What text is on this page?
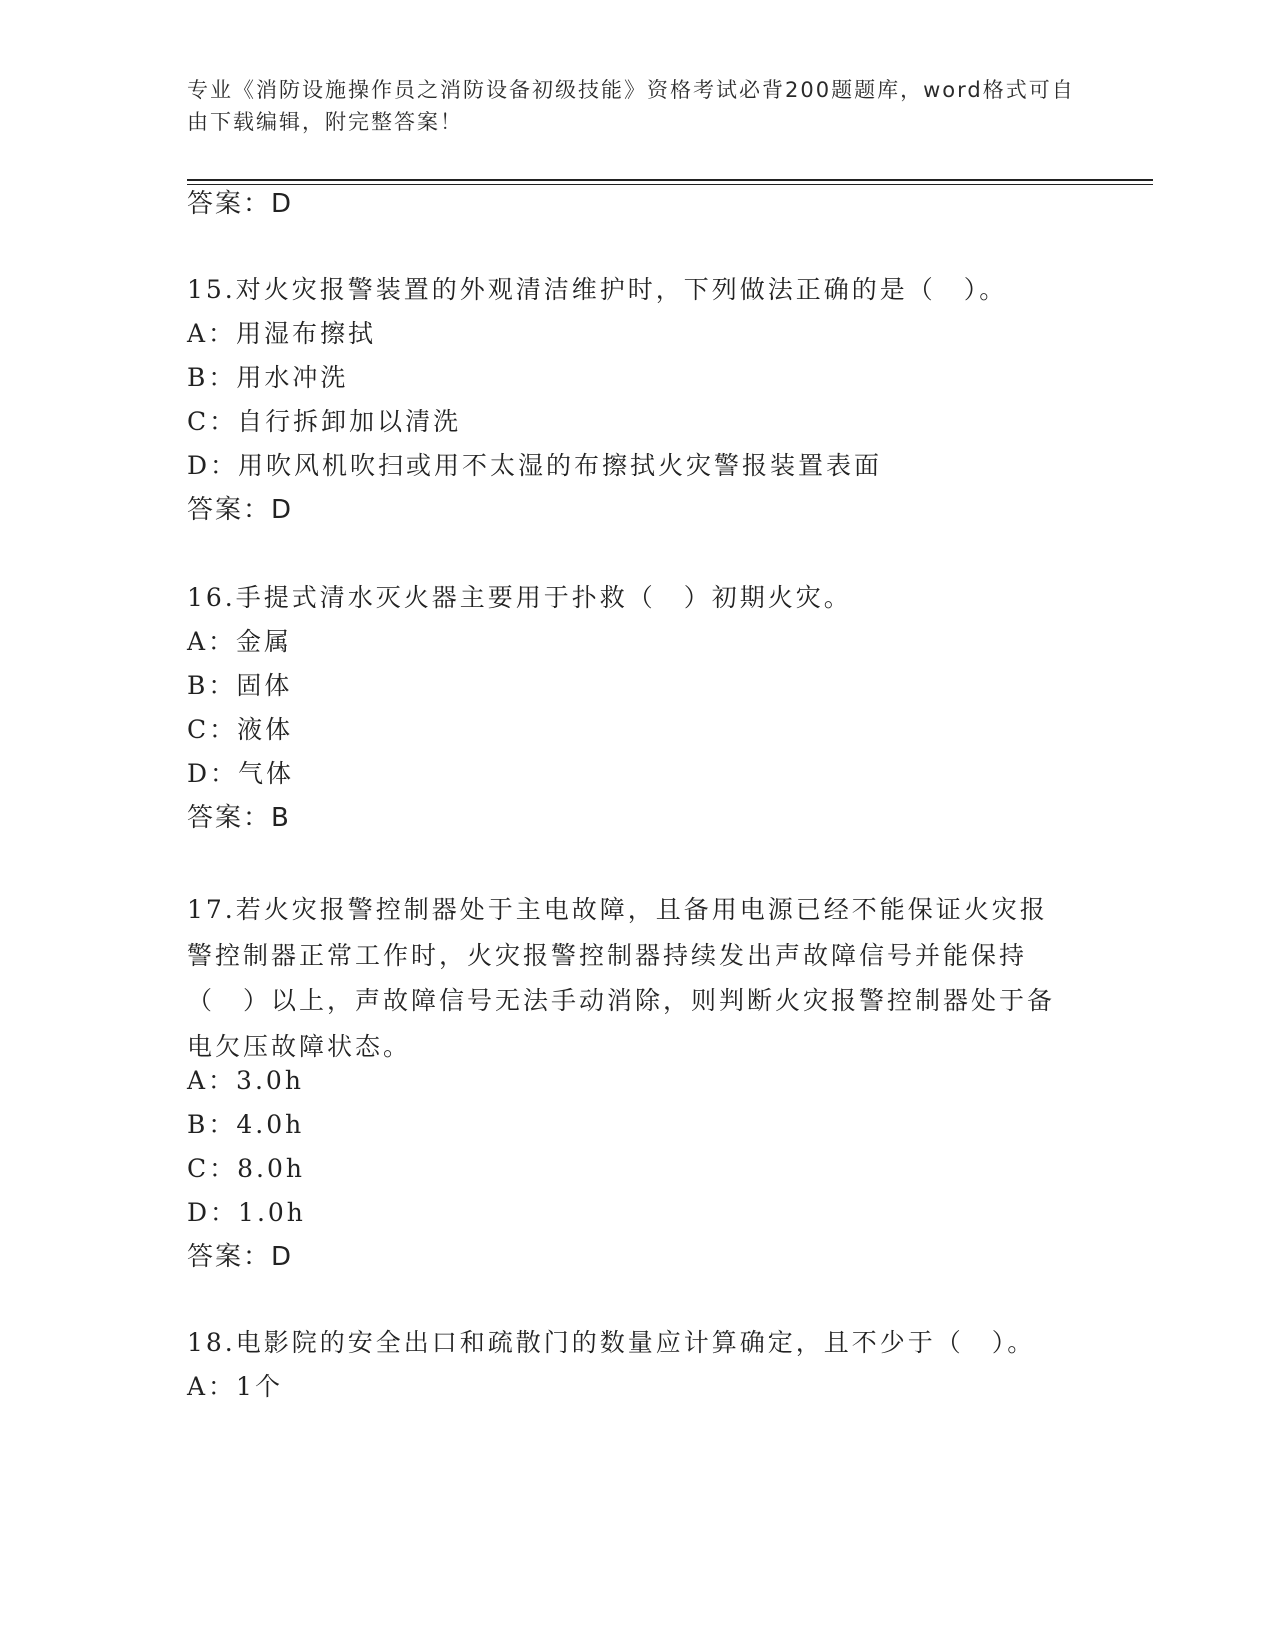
专业《消防设施操作员之消防设备初级技能》资格考试必背200题题库，word格式可自由下载编辑，附完整答案！
答案：D
15.对火灾报警装置的外观清洁维护时，下列做法正确的是（　）。
A：用湿布擦拭
B：用水冲洗
C：自行拆卸加以清洗
D：用吹风机吹扫或用不太湿的布擦拭火灾警报装置表面
答案：D
16.手提式清水灭火器主要用于扑救（　）初期火灾。
A：金属
B：固体
C：液体
D：气体
答案：B
17.若火灾报警控制器处于主电故障，且备用电源已经不能保证火灾报警控制器正常工作时，火灾报警控制器持续发出声故障信号并能保持（　）以上，声故障信号无法手动消除，则判断火灾报警控制器处于备电欠压故障状态。
A：3.0h
B：4.0h
C：8.0h
D：1.0h
答案：D
18.电影院的安全出口和疏散门的数量应计算确定，且不少于（　）。
A：1个
